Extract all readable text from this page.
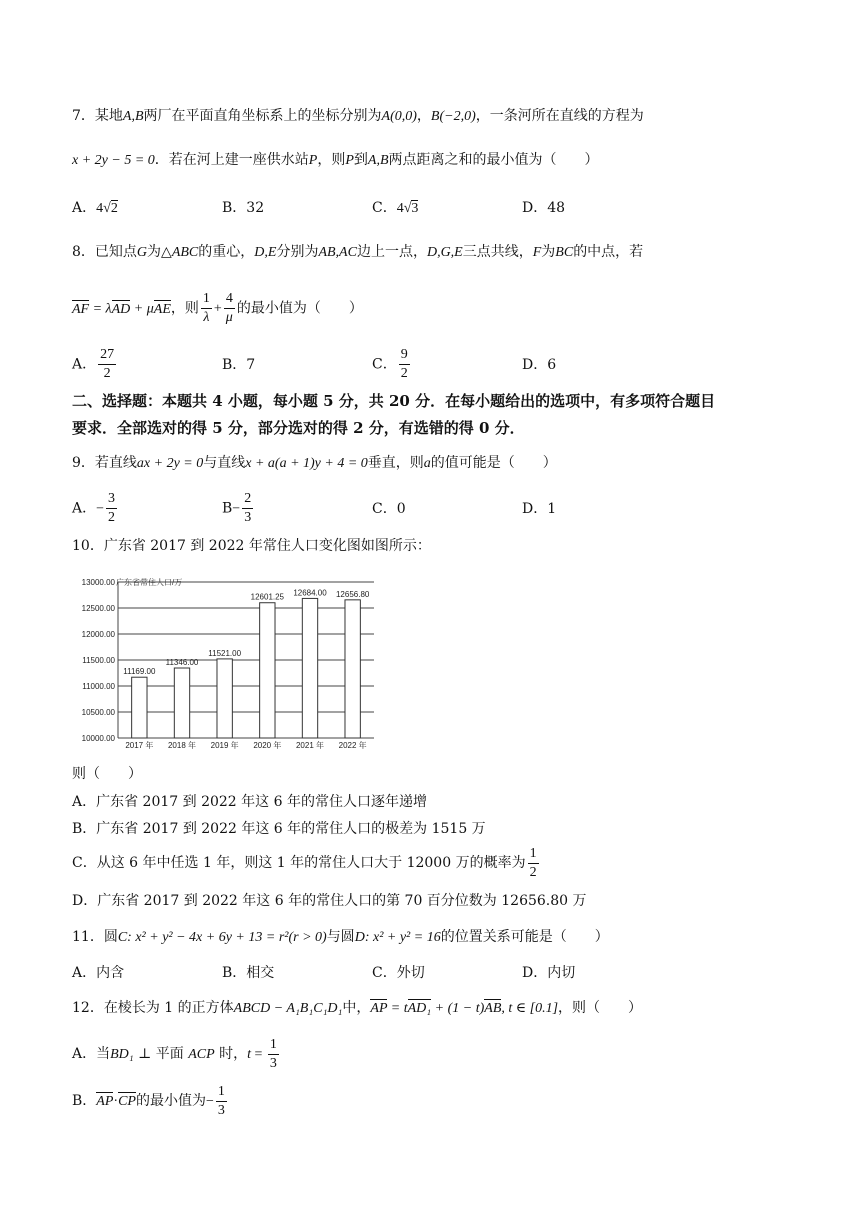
7．某地A,B两厂在平面直角坐标系上的坐标分别为A(0,0)，B(−2,0)，一条河所在直线的方程为
x + 2y − 5 = 0．若在河上建一座供水站P，则P到A,B两点距离之和的最小值为（　　）
A．4√2	B．32	C．4√3	D．48
8．已知点G为△ABC的重心，D,E分别为AB,AC边上一点，D,G,E三点共线，F为BC的中点，若
AF = λAD + μAE，则 $\frac{1}{\lambda} + \frac{4}{\mu}$ 的最小值为（　　）
A． $\frac{27}{2}$	B．7	C． $\frac{9}{2}$	D．6
二、选择题：本题共 4 小题，每小题 5 分，共 20 分．在每小题给出的选项中，有多项符合题目
要求．全部选对的得 5 分，部分选对的得 2 分，有选错的得 0 分．
9．若直线ax + 2y = 0与直线x + a(a + 1)y + 4 = 0垂直，则a的值可能是（　　）
A．− $\frac{3}{2}$	$B- \frac{2}{3}$	C．0	D．1
10．广东省 2017 到 2022 年常住人口变化图如图所示：
广东省常住人口/万
10000.00
10500.00
11000.00
11500.00
12000.00
12500.00
13000.00
11169.00
11346.00
11521.00
12601.25 12684.00 12656.80
2017 年 2018 年 2019 年 2020 年 2021 年 2022 年
则（　　）
A．广东省 2017 到 2022 年这 6 年的常住人口逐年递增
B．广东省 2017 到 2022 年这 6 年的常住人口的极差为 1515 万
C．从这 6 年中任选 1 年，则这 1 年的常住人口大于 12000 万的概率为 $\frac{1}{2}$
D．广东省 2017 到 2022 年这 6 年的常住人口的第 70 百分位数为 12656.80 万
11．圆C: x² + y² − 4x + 6y + 13 = r²(r > 0)与圆D: x² + y² = 16的位置关系可能是（　　）
A．内含	B．相交	C．外切	D．内切
12．在棱长为 1 的正方体ABCD − A₁B₁C₁D₁中，AP = tAD₁ + (1 − t)AB, t ∈ [0.1]，则（　　）
A．当BD₁ ⊥ 平面 ACP 时，$t = \frac{1}{3}$
B．AP·CP的最小值为− $\frac{1}{3}$
